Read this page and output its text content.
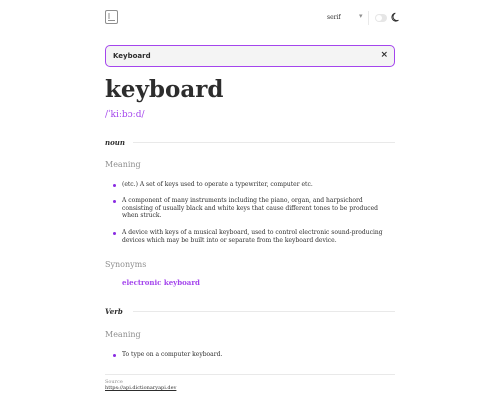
serif	▾
Keyboard
×
keyboard
/ˈkiːbɔːd/
noun
Meaning
(etc.) A set of keys used to operate a typewriter, computer etc.
A component of many instruments including the piano, organ, and harpsichord consisting of usually black and white keys that cause different tones to be produced when struck.
A device with keys of a musical keyboard, used to control electronic sound-producing devices which may be built into or separate from the keyboard device.
Synonyms
electronic keyboard
Verb
Meaning
To type on a computer keyboard.
Source
https://api.dictionaryapi.dev
